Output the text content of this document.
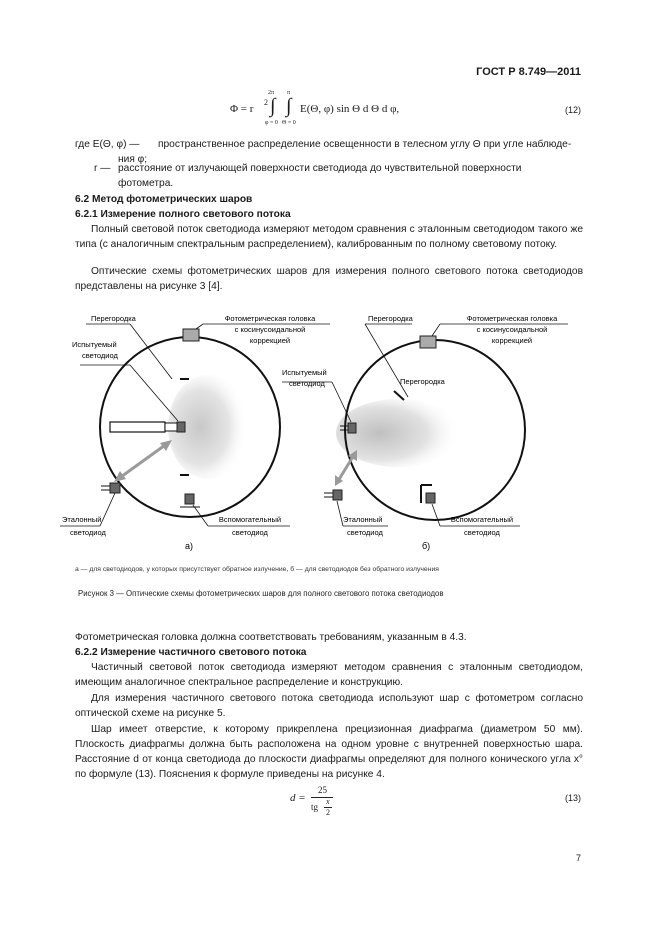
ГОСТ Р 8.749—2011
Φ = r
2
2π
∫
φ = 0
π
∫
Θ = 0
E(Θ, φ) sin Θ d Θ d φ,	(12)
где E(Θ, φ) — пространственное распределение освещенности в телесном углу Θ при угле наблюде-
ния φ;
r — расстояние от излучающей поверхности светодиода до чувствительной поверхности
фотометра.
6.2 Метод фотометрических шаров
6.2.1 Измерение полного светового потока
Полный световой поток светодиода измеряют методом сравнения с эталонным светодиодом такого же типа (с аналогичным спектральным распределением), калиброванным по полному световому потоку.
Оптические схемы фотометрических шаров для измерения полного светового потока светодиодов представлены на рисунке 3 [4].
Перегородка	Фотометрическая головка
с косинусоидальной
коррекцией
Испытуемый
светодиод
Эталонный
светодиод
Вспомогательный
светодиод
а)
Перегородка
Перегородка
Фотометрическая головка
с косинусоидальной
коррекцией
Испытуемый
светодиод
Эталонный
светодиод
Вспомогательный
светодиод
б)
а — для светодиодов, у которых присутствует обратное излучение, б — для светодиодов без обратного излучения
Рисунок 3 — Оптические схемы фотометрических шаров для полного светового потока светодиодов
Фотометрическая головка должна соответствовать требованиям, указанным в 4.3.
6.2.2 Измерение частичного светового потока
Частичный световой поток светодиода измеряют методом сравнения с эталонным светодиодом, имеющим аналогичное спектральное распределение и конструкцию.
Для измерения частичного светового потока светодиода используют шар с фотометром согласно оптической схеме на рисунке 5.
Шар имеет отверстие, к которому прикреплена прецизионная диафрагма (диаметром 50 мм). Плоскость диафрагмы должна быть расположена на одном уровне с внутренней поверхностью шара. Расстояние d от конца светодиода до плоскости диафрагмы определяют для полного конического угла x° по формуле (13). Пояснения к формуле приведены на рисунке 4.
d =
25
tg
x
2
(13)
7
